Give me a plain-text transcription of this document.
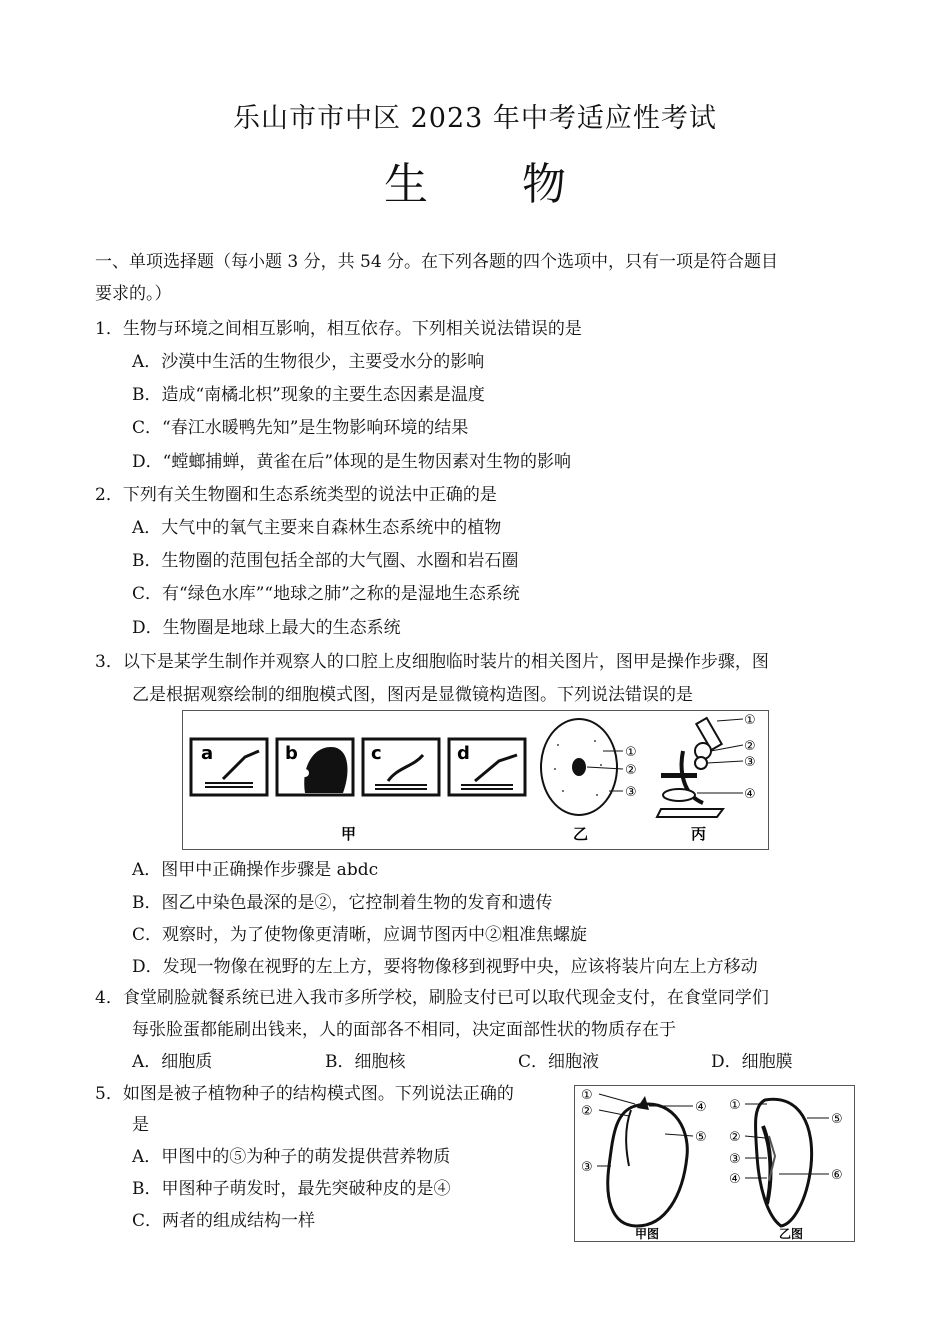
乐山市市中区 2023 年中考适应性考试
生 物
一、单项选择题（每小题 3 分，共 54 分。在下列各题的四个选项中，只有一项是符合题目
要求的。）
1．生物与环境之间相互影响，相互依存。下列相关说法错误的是
A．沙漠中生活的生物很少，主要受水分的影响
B．造成“南橘北枳”现象的主要生态因素是温度
C．“春江水暖鸭先知”是生物影响环境的结果
D．“螳螂捕蝉，黄雀在后”体现的是生物因素对生物的影响
2．下列有关生物圈和生态系统类型的说法中正确的是
A．大气中的氧气主要来自森林生态系统中的植物
B．生物圈的范围包括全部的大气圈、水圈和岩石圈
C．有“绿色水库”“地球之肺”之称的是湿地生态系统
D．生物圈是地球上最大的生态系统
3．以下是某学生制作并观察人的口腔上皮细胞临时装片的相关图片，图甲是操作步骤，图
乙是根据观察绘制的细胞模式图，图丙是显微镜构造图。下列说法错误的是
a	b	c	d
甲
①
②
③
乙
①
②
③
④
丙
A．图甲中正确操作步骤是 abdc
B．图乙中染色最深的是②，它控制着生物的发育和遗传
C．观察时，为了使物像更清晰，应调节图丙中②粗准焦螺旋
D．发现一物像在视野的左上方，要将物像移到视野中央，应该将装片向左上方移动
4．食堂刷脸就餐系统已进入我市多所学校，刷脸支付已可以取代现金支付，在食堂同学们
每张脸蛋都能刷出钱来，人的面部各不相同，决定面部性状的物质存在于
A．细胞质	B．细胞核	C．细胞液	D．细胞膜
5．如图是被子植物种子的结构模式图。下列说法正确的
是
A．甲图中的⑤为种子的萌发提供营养物质
B．甲图种子萌发时，最先突破种皮的是④
C．两者的组成结构一样
①
②
③
④
⑤
甲图
①
②
③
④
⑤
⑥
乙图
